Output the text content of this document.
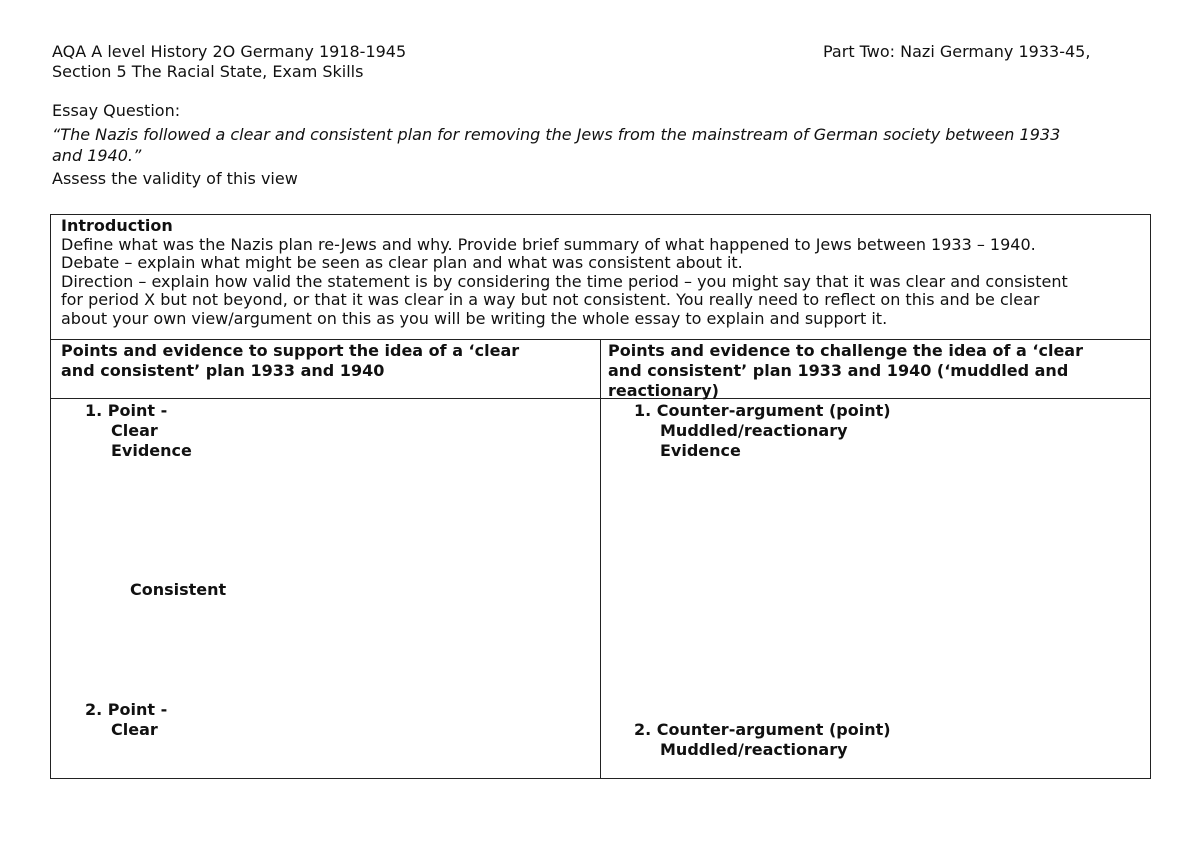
AQA A level History 2O Germany 1918-1945	Part Two: Nazi Germany 1933-45,
Section 5 The Racial State, Exam Skills
Essay Question:
“The Nazis followed a clear and consistent plan for removing the Jews from the mainstream of German society between 1933
and 1940.”
Assess the validity of this view
Introduction
Define what was the Nazis plan re-Jews and why. Provide brief summary of what happened to Jews between 1933 – 1940.
Debate – explain what might be seen as clear plan and what was consistent about it.
Direction – explain how valid the statement is by considering the time period – you might say that it was clear and consistent
for period X but not beyond, or that it was clear in a way but not consistent. You really need to reflect on this and be clear
about your own view/argument on this as you will be writing the whole essay to explain and support it.
Points and evidence to support the idea of a ‘clear
and consistent’ plan 1933 and 1940
Points and evidence to challenge the idea of a ‘clear
and consistent’ plan 1933 and 1940 (‘muddled and
reactionary)
1. Point -
Clear
Evidence
Consistent
2. Point -
Clear
1. Counter-argument (point)
Muddled/reactionary
Evidence
2. Counter-argument (point)
Muddled/reactionary
